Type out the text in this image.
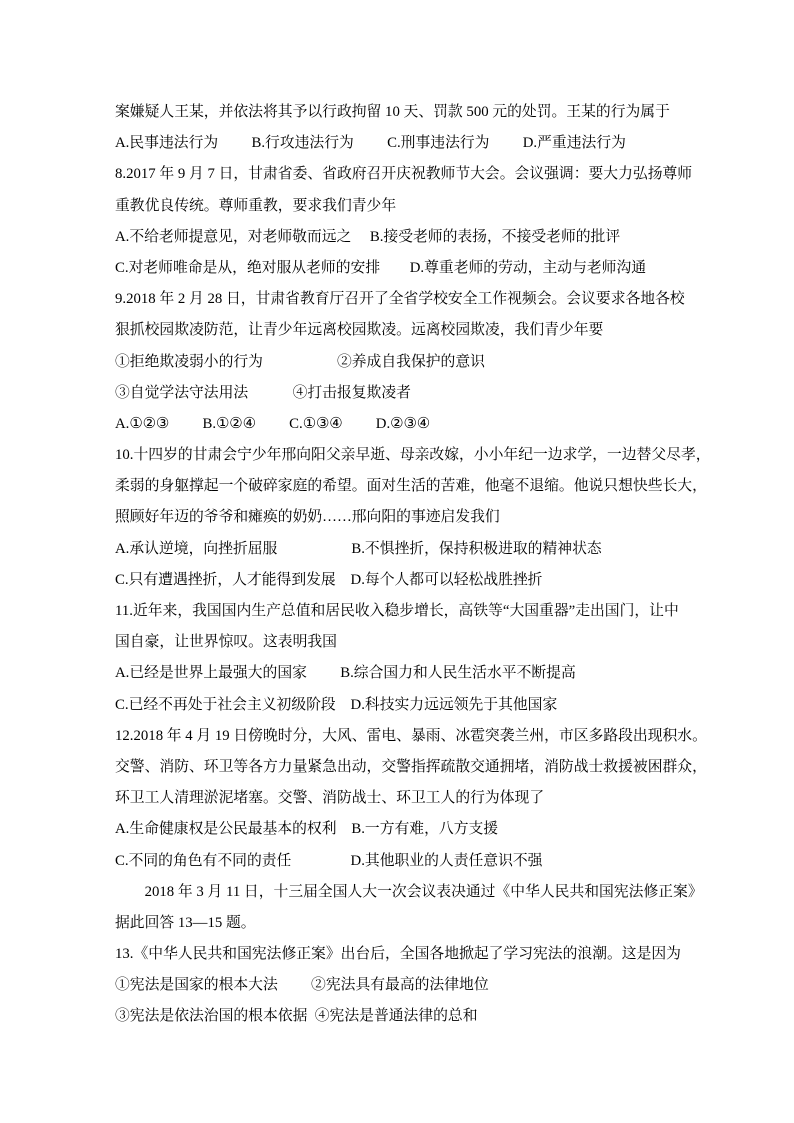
案嫌疑人王某，并依法将其予以行政拘留 10 天、罚款 500 元的处罚。王某的行为属于
A.民事违法行为　　 B.行攻违法行为　　 C.刑事违法行为　　 D.严重违法行为
8.2017 年 9 月 7 日，甘肃省委、省政府召开庆祝教师节大会。会议强调：要大力弘扬尊师
重教优良传统。尊师重教，要求我们青少年
A.不给老师提意见，对老师敬而远之　 B.接受老师的表扬，不接受老师的批评
C.对老师唯命是从，绝对服从老师的安排　　D.尊重老师的劳动，主动与老师沟通
9.2018 年 2 月 28 日，甘肃省教育厅召开了全省学校安全工作视频会。会议要求各地各校
狠抓校园欺凌防范，让青少年远离校园欺凌。远离校园欺凌，我们青少年要
①拒绝欺凌弱小的行为　　　　　②养成自我保护的意识
③自觉学法守法用法　　　④打击报复欺凌者
A.①②③　　 B.①②④　　 C.①③④　　 D.②③④
10.十四岁的甘肃会宁少年邢向阳父亲早逝、母亲改嫁，小小年纪一边求学，一边替父尽孝，
柔弱的身躯撑起一个破碎家庭的希望。面对生活的苦难，他毫不退缩。他说只想快些长大，
照顾好年迈的爷爷和瘫痪的奶奶……邢向阳的事迹启发我们
A.承认逆境，向挫折屈服　　　　　B.不惧挫折，保持积极进取的精神状态
C.只有遭遇挫折，人才能得到发展　D.每个人都可以轻松战胜挫折
11.近年来，我国国内生产总值和居民收入稳步增长，高铁等“大国重器”走出国门，让中
国自豪，让世界惊叹。这表明我国
A.已经是世界上最强大的国家　　 B.综合国力和人民生活水平不断提高
C.已经不再处于社会主义初级阶段　D.科技实力远远领先于其他国家
12.2018 年 4 月 19 日傍晚时分，大风、雷电、暴雨、冰雹突袭兰州，市区多路段出现积水。
交警、消防、环卫等各方力量紧急出动，交警指挥疏散交通拥堵，消防战士救援被困群众，
环卫工人清理淤泥堵塞。交警、消防战士、环卫工人的行为体现了
A.生命健康权是公民最基本的权利　B.一方有难，八方支援
C.不同的角色有不同的责任　　　　D.其他职业的人责任意识不强
　　2018 年 3 月 11 日，十三届全国人大一次会议表决通过《中华人民共和国宪法修正案》
据此回答 13—15 题。
13.《中华人民共和国宪法修正案》出台后，全国各地掀起了学习宪法的浪潮。这是因为
①宪法是国家的根本大法　　 ②宪法具有最高的法律地位
③宪法是依法治国的根本依据  ④宪法是普通法律的总和
